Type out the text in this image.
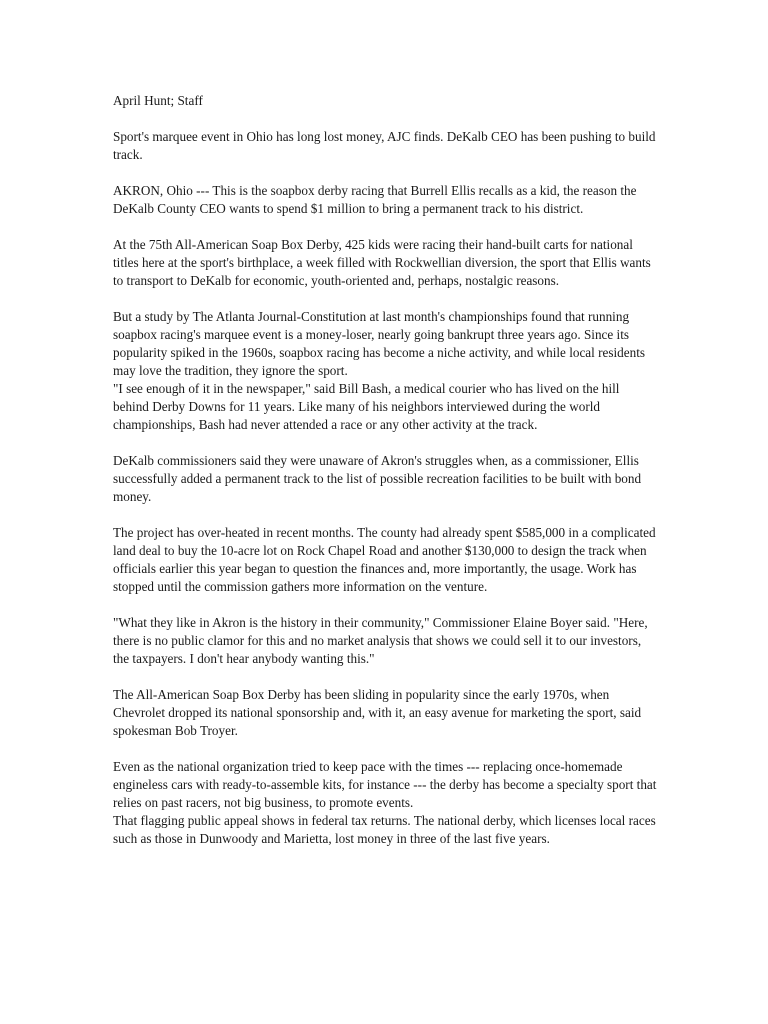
April Hunt; Staff

Sport's marquee event in Ohio has long lost money, AJC finds. DeKalb CEO has been pushing to build track.

AKRON, Ohio --- This is the soapbox derby racing that Burrell Ellis recalls as a kid, the reason the DeKalb County CEO wants to spend $1 million to bring a permanent track to his district.

At the 75th All-American Soap Box Derby, 425 kids were racing their hand-built carts for national titles here at the sport's birthplace, a week filled with Rockwellian diversion, the sport that Ellis wants to transport to DeKalb for economic, youth-oriented and, perhaps, nostalgic reasons.

But a study by The Atlanta Journal-Constitution at last month's championships found that running soapbox racing's marquee event is a money-loser, nearly going bankrupt three years ago. Since its popularity spiked in the 1960s, soapbox racing has become a niche activity, and while local residents may love the tradition, they ignore the sport.

"I see enough of it in the newspaper," said Bill Bash, a medical courier who has lived on the hill behind Derby Downs for 11 years. Like many of his neighbors interviewed during the world championships, Bash had never attended a race or any other activity at the track.

DeKalb commissioners said they were unaware of Akron's struggles when, as a commissioner, Ellis successfully added a permanent track to the list of possible recreation facilities to be built with bond money.

The project has over-heated in recent months. The county had already spent $585,000 in a complicated land deal to buy the 10-acre lot on Rock Chapel Road and another $130,000 to design the track when officials earlier this year began to question the finances and, more importantly, the usage. Work has stopped until the commission gathers more information on the venture.

"What they like in Akron is the history in their community," Commissioner Elaine Boyer said. "Here, there is no public clamor for this and no market analysis that shows we could sell it to our investors, the taxpayers. I don't hear anybody wanting this."

The All-American Soap Box Derby has been sliding in popularity since the early 1970s, when Chevrolet dropped its national sponsorship and, with it, an easy avenue for marketing the sport, said spokesman Bob Troyer.

Even as the national organization tried to keep pace with the times --- replacing once-homemade engineless cars with ready-to-assemble kits, for instance --- the derby has become a specialty sport that relies on past racers, not big business, to promote events.

That flagging public appeal shows in federal tax returns. The national derby, which licenses local races such as those in Dunwoody and Marietta, lost money in three of the last five years.
